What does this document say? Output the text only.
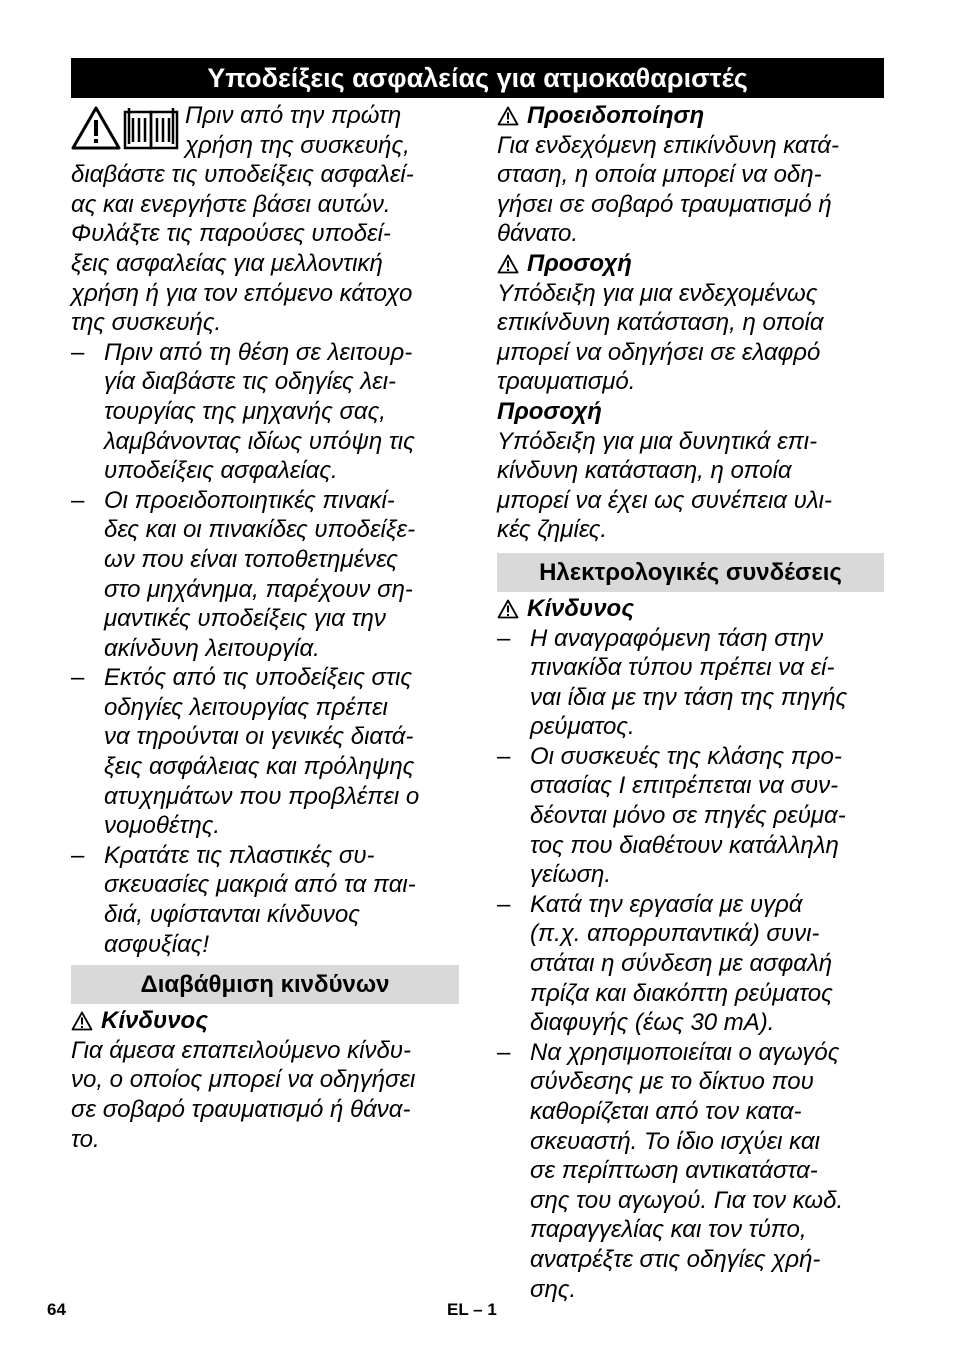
Υποδείξεις ασφαλείας για ατμοκαθαριστές

Πριν από την πρώτη
χρήση της συσκευής,
διαβάστε τις υποδείξεις ασφαλεί-
ας και ενεργήστε βάσει αυτών.
Φυλάξτε τις παρούσες υποδεί-
ξεις ασφαλείας για μελλοντική
χρήση ή για τον επόμενο κάτοχο
της συσκευής.

– Πριν από τη θέση σε λειτουρ-
γία διαβάστε τις οδηγίες λει-
τουργίας της μηχανής σας,
λαμβάνοντας ιδίως υπόψη τις
υποδείξεις ασφαλείας.

– Οι προειδοποιητικές πινακί-
δες και οι πινακίδες υποδείξε-
ων που είναι τοποθετημένες
στο μηχάνημα, παρέχουν ση-
μαντικές υποδείξεις για την
ακίνδυνη λειτουργία.

– Εκτός από τις υποδείξεις στις
οδηγίες λειτουργίας πρέπει
να τηρούνται οι γενικές διατά-
ξεις ασφάλειας και πρόληψης
ατυχημάτων που προβλέπει ο
νομοθέτης.

– Κρατάτε τις πλαστικές συ-
σκευασίες μακριά από τα παι-
διά, υφίστανται κίνδυνος
ασφυξίας!

Διαβάθμιση κινδύνων

Κίνδυνος

Για άμεσα επαπειλούμενο κίνδυ-
νο, ο οποίος μπορεί να οδηγήσει
σε σοβαρό τραυματισμό ή θάνα-
το.

Προειδοποίηση

Για ενδεχόμενη επικίνδυνη κατά-
σταση, η οποία μπορεί να οδη-
γήσει σε σοβαρό τραυματισμό ή
θάνατο.

Προσοχή

Υπόδειξη για μια ενδεχομένως
επικίνδυνη κατάσταση, η οποία
μπορεί να οδηγήσει σε ελαφρό
τραυματισμό.

Προσοχή

Υπόδειξη για μια δυνητικά επι-
κίνδυνη κατάσταση, η οποία
μπορεί να έχει ως συνέπεια υλι-
κές ζημίες.

Ηλεκτρολογικές συνδέσεις

Κίνδυνος

– Η αναγραφόμενη τάση στην
πινακίδα τύπου πρέπει να εί-
ναι ίδια με την τάση της πηγής
ρεύματος.

– Οι συσκευές της κλάσης προ-
στασίας I επιτρέπεται να συν-
δέονται μόνο σε πηγές ρεύμα-
τος που διαθέτουν κατάλληλη
γείωση.

– Κατά την εργασία με υγρά
(π.χ. απορρυπαντικά) συνι-
στάται η σύνδεση με ασφαλή
πρίζα και διακόπτη ρεύματος
διαφυγής (έως 30 mA).

– Να χρησιμοποιείται ο αγωγός
σύνδεσης με το δίκτυο που
καθορίζεται από τον κατα-
σκευαστή. Το ίδιο ισχύει και
σε περίπτωση αντικατάστα-
σης του αγωγού. Για τον κωδ.
παραγγελίας και τον τύπο,
ανατρέξτε στις οδηγίες χρή-
σης.

64	EL – 1
